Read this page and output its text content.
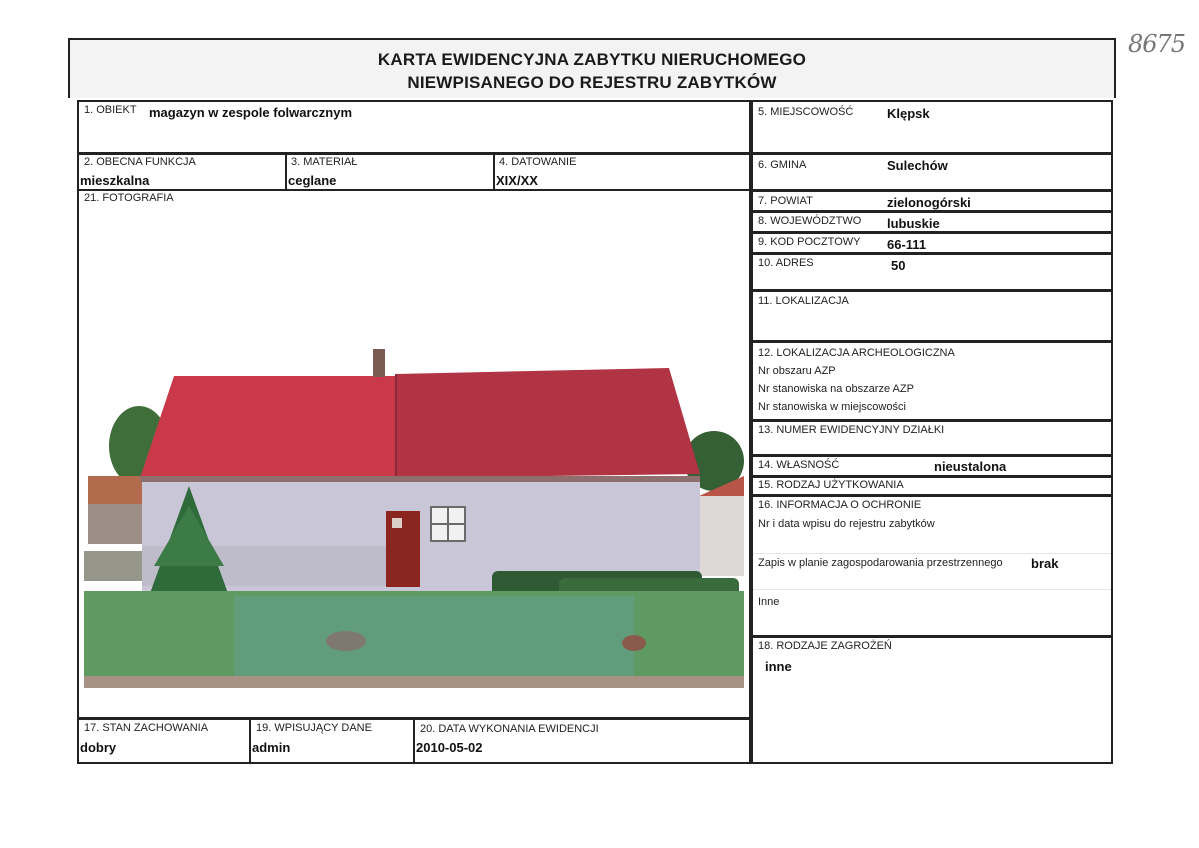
KARTA EWIDENCYJNA ZABYTKU NIERUCHOMEGO
NIEWPISANEGO DO REJESTRU ZABYTKÓW
8675
1. OBIEKT magazyn w zespole folwarcznym
2. OBECNA FUNKCJA
mieszkalna
3. MATERIAŁ
ceglane
4. DATOWANIE
XIX/XX
21. FOTOGRAFIA
17. STAN ZACHOWANIA
dobry
19. WPISUJĄCY DANE
admin
20. DATA WYKONANIA EWIDENCJI
2010-05-02
5. MIEJSCOWOŚĆ	Klępsk
6. GMINA	Sulechów
7. POWIAT	zielonogórski
8. WOJEWÓDZTWO lubuskie
9. KOD POCZTOWY 66-111
10. ADRES	50
11. LOKALIZACJA
12. LOKALIZACJA ARCHEOLOGICZNA
Nr obszaru AZP
Nr stanowiska na obszarze AZP
Nr stanowiska w miejscowości
13. NUMER EWIDENCYJNY DZIAŁKI
14. WŁASNOŚĆ	nieustalona
15. RODZAJ UŻYTKOWANIA
16. INFORMACJA O OCHRONIE
Nr i data wpisu do rejestru zabytków
Zapis w planie zagospodarowania przestrzennego brak
Inne
18. RODZAJE ZAGROŻEŃ
inne
